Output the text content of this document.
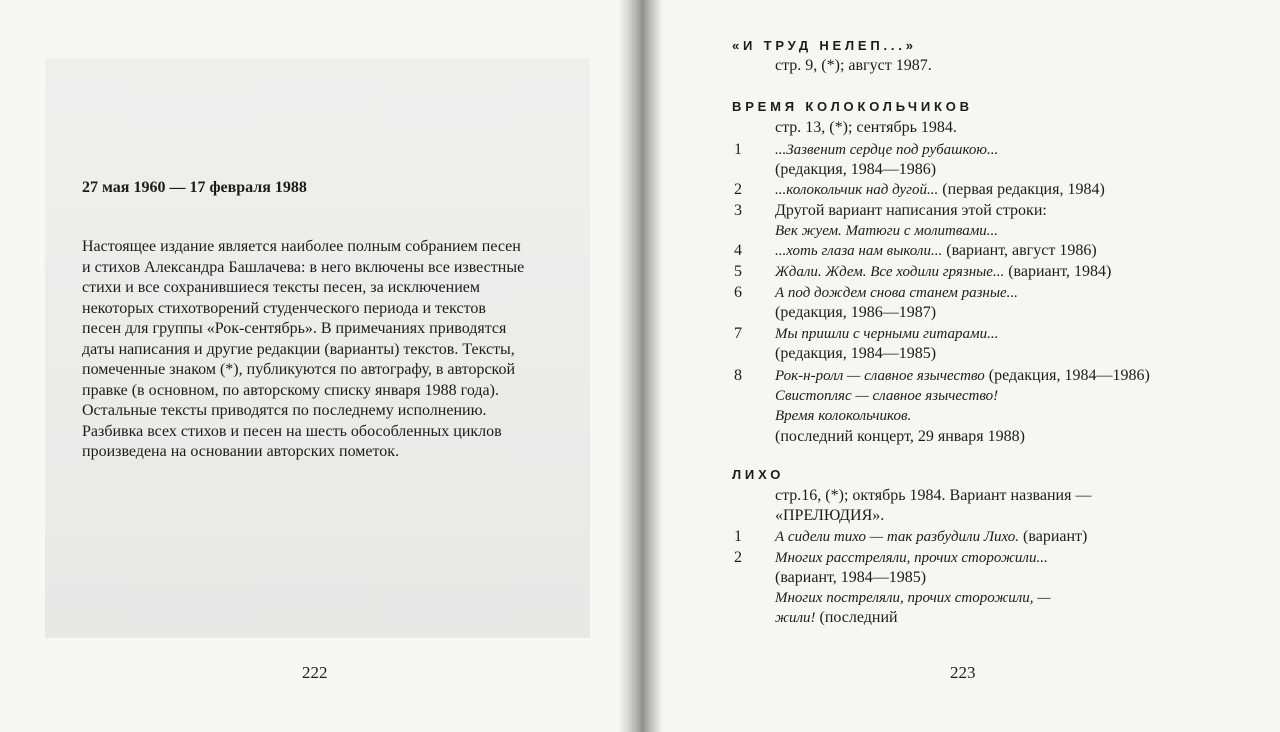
27 мая 1960 — 17 февраля 1988
Настоящее издание является наиболее полным собранием песен
и стихов Александра Башлачева: в него включены все известные
стихи и все сохранившиеся тексты песен, за исключением
некоторых стихотворений студенческого периода и текстов
песен для группы «Рок-сентябрь». В примечаниях приводятся
даты написания и другие редакции (варианты) текстов. Тексты,
помеченные знаком (*), публикуются по автографу, в авторской
правке (в основном, по авторскому списку января 1988 года).
Остальные тексты приводятся по последнему исполнению.
Разбивка всех стихов и песен на шесть обособленных циклов
произведена на основании авторских пометок.
222
«И ТРУД НЕЛЕП...»
стр. 9, (*); август 1987.
ВРЕМЯ КОЛОКОЛЬЧИКОВ
стр. 13, (*); сентябрь 1984.
1 ...Зазвенит сердце под рубашкою...
(редакция, 1984—1986)
2 ...колокольчик над дугой... (первая редакция, 1984)
3 Другой вариант написания этой строки:
Век жуем. Матюги с молитвами...
4 ...хоть глаза нам выколи... (вариант, август 1986)
5 Ждали. Ждем. Все ходили грязные... (вариант, 1984)
6 А под дождем снова станем разные...
(редакция, 1986—1987)
7 Мы пришли с черными гитарами...
(редакция, 1984—1985)
8 Рок-н-ролл — славное язычество (редакция, 1984—1986)
Свистопляс — славное язычество!
Время колокольчиков.
(последний концерт, 29 января 1988)
ЛИХО
стр.16, (*); октябрь 1984. Вариант названия —
«ПРЕЛЮДИЯ».
1 А сидели тихо — так разбудили Лихо. (вариант)
2 Многих расстреляли, прочих сторожили...
(вариант, 1984—1985)
Многих постреляли, прочих сторожили, —
жили! (последний
223
